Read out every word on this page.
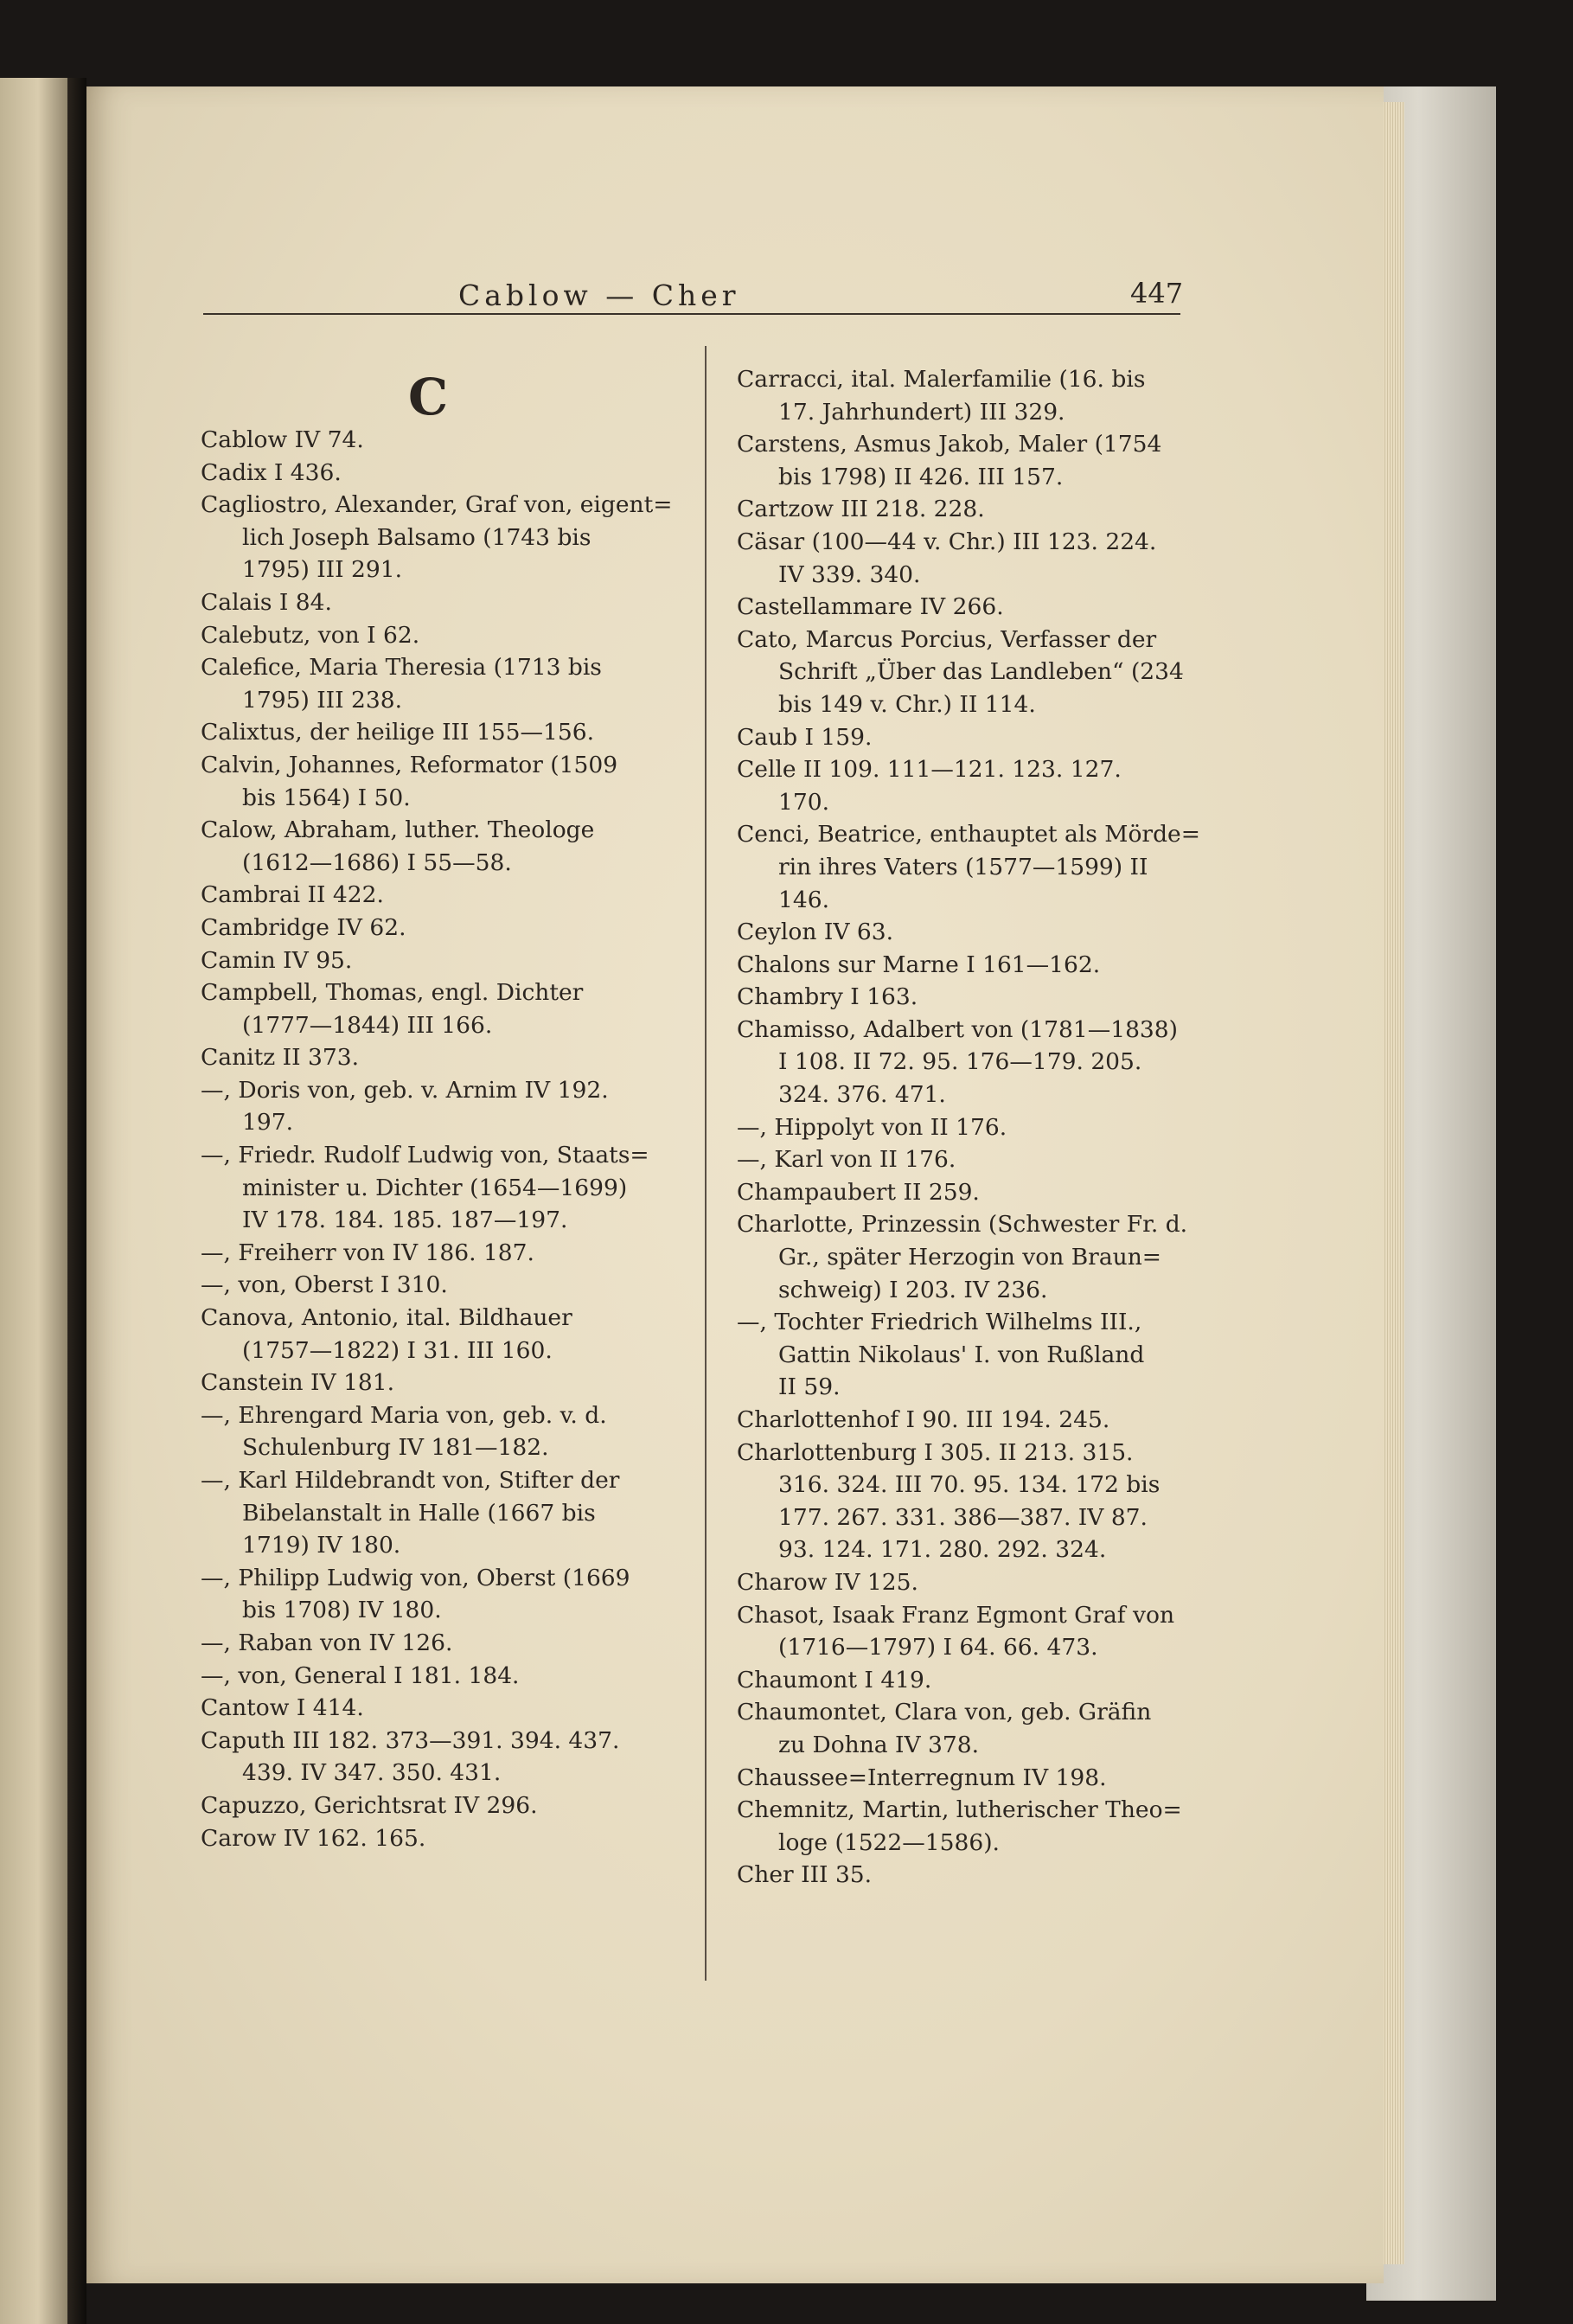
Cablow — Cher	447
C
Cablow IV 74.
Cadix I 436.
Cagliostro, Alexander, Graf von, eigent=
lich Joseph Balsamo (1743 bis
1795) III 291.
Calais I 84.
Calebutz, von I 62.
Calefice, Maria Theresia (1713 bis
1795) III 238.
Calixtus, der heilige III 155—156.
Calvin, Johannes, Reformator (1509
bis 1564) I 50.
Calow, Abraham, luther. Theologe
(1612—1686) I 55—58.
Cambrai II 422.
Cambridge IV 62.
Camin IV 95.
Campbell, Thomas, engl. Dichter
(1777—1844) III 166.
Canitz II 373.
—, Doris von, geb. v. Arnim IV 192.
197.
—, Friedr. Rudolf Ludwig von, Staats=
minister u. Dichter (1654—1699)
IV 178. 184. 185. 187—197.
—, Freiherr von IV 186. 187.
—, von, Oberst I 310.
Canova, Antonio, ital. Bildhauer
(1757—1822) I 31. III 160.
Canstein IV 181.
—, Ehrengard Maria von, geb. v. d.
Schulenburg IV 181—182.
—, Karl Hildebrandt von, Stifter der
Bibelanstalt in Halle (1667 bis
1719) IV 180.
—, Philipp Ludwig von, Oberst (1669
bis 1708) IV 180.
—, Raban von IV 126.
—, von, General I 181. 184.
Cantow I 414.
Caputh III 182. 373—391. 394. 437.
439. IV 347. 350. 431.
Capuzzo, Gerichtsrat IV 296.
Carow IV 162. 165.
Carracci, ital. Malerfamilie (16. bis
17. Jahrhundert) III 329.
Carstens, Asmus Jakob, Maler (1754
bis 1798) II 426. III 157.
Cartzow III 218. 228.
Cäsar (100—44 v. Chr.) III 123. 224.
IV 339. 340.
Castellammare IV 266.
Cato, Marcus Porcius, Verfasser der
Schrift „Über das Landleben“ (234
bis 149 v. Chr.) II 114.
Caub I 159.
Celle II 109. 111—121. 123. 127.
170.
Cenci, Beatrice, enthauptet als Mörde=
rin ihres Vaters (1577—1599) II
146.
Ceylon IV 63.
Chalons sur Marne I 161—162.
Chambry I 163.
Chamisso, Adalbert von (1781—1838)
I 108. II 72. 95. 176—179. 205.
324. 376. 471.
—, Hippolyt von II 176.
—, Karl von II 176.
Champaubert II 259.
Charlotte, Prinzessin (Schwester Fr. d.
Gr., später Herzogin von Braun=
schweig) I 203. IV 236.
—, Tochter Friedrich Wilhelms III.,
Gattin Nikolaus' I. von Rußland
II 59.
Charlottenhof I 90. III 194. 245.
Charlottenburg I 305. II 213. 315.
316. 324. III 70. 95. 134. 172 bis
177. 267. 331. 386—387. IV 87.
93. 124. 171. 280. 292. 324.
Charow IV 125.
Chasot, Isaak Franz Egmont Graf von
(1716—1797) I 64. 66. 473.
Chaumont I 419.
Chaumontet, Clara von, geb. Gräfin
zu Dohna IV 378.
Chaussee=Interregnum IV 198.
Chemnitz, Martin, lutherischer Theo=
loge (1522—1586).
Cher III 35.
